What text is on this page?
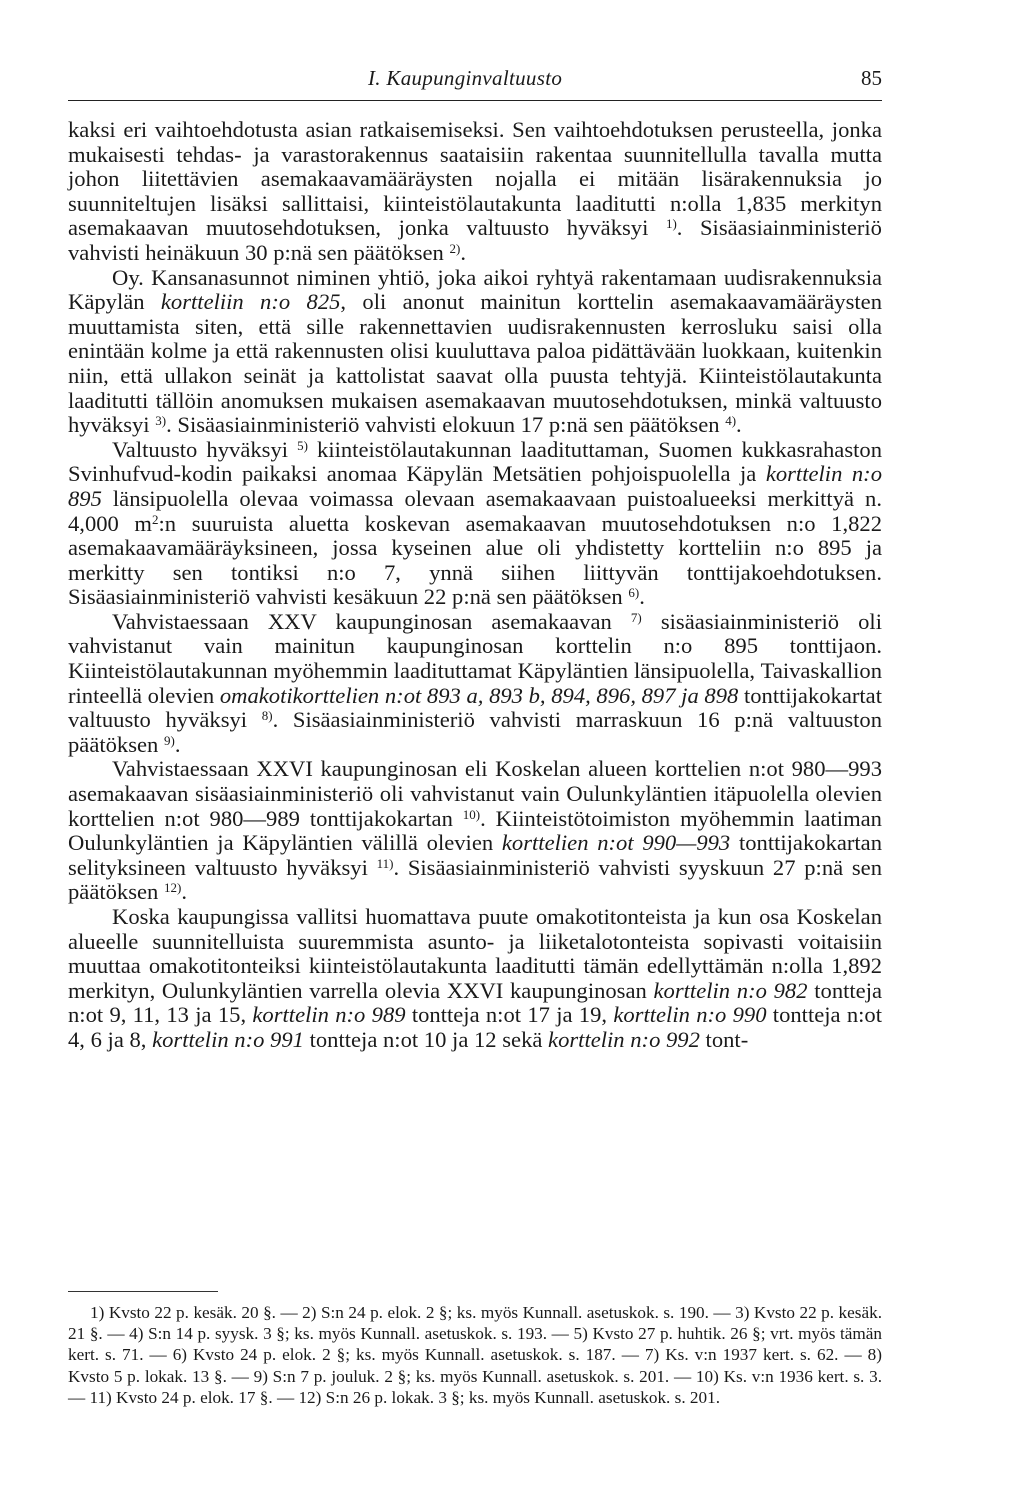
I. Kaupunginvaltuusto	85

kaksi eri vaihtoehdotusta asian ratkaisemiseksi. Sen vaihtoehdotuksen perusteella, jonka mukaisesti tehdas- ja varastorakennus saataisiin rakentaa suunnitellulla tavalla mutta johon liitettävien asemakaavamääräysten nojalla ei mitään lisärakennuksia jo suunniteltujen lisäksi sallittaisi, kiinteistölautakunta laaditutti n:olla 1,835 merkityn asemakaavan muutosehdotuksen, jonka valtuusto hyväksyi $^{1)}$. Sisäasiainministeriö vahvisti heinäkuun 30 p:nä sen päätöksen $^{2)}$.

Oy. Kansanasunnot niminen yhtiö, joka aikoi ryhtyä rakentamaan uudisrakennuksia Käpylän kortteliin n:o 825, oli anonut mainitun korttelin asemakaavamääräysten muuttamista siten, että sille rakennettavien uudisrakennusten kerrosluku saisi olla enintään kolme ja että rakennusten olisi kuuluttava paloa pidättävään luokkaan, kuitenkin niin, että ullakon seinät ja kattolistat saavat olla puusta tehtyjä. Kiinteistölautakunta laaditutti tällöin anomuksen mukaisen asemakaavan muutosehdotuksen, minkä valtuusto hyväksyi $^{3)}$. Sisäasiainministeriö vahvisti elokuun 17 p:nä sen päätöksen $^{4)}$.

Valtuusto hyväksyi $^{5)}$ kiinteistölautakunnan laadituttaman, Suomen kukkasrahaston Svinhufvud-kodin paikaksi anomaa Käpylän Metsätien pohjoispuolella ja korttelin n:o 895 länsipuolella olevaa voimassa olevaan asemakaavaan puistoalueeksi merkittyä n. 4,000 $m^2:n$ suuruista aluetta koskevan asemakaavan muutosehdotuksen n:o 1,822 asemakaavamääräyksineen, jossa kyseinen alue oli yhdistetty kortteliin n:o 895 ja merkitty sen tontiksi n:o 7, ynnä siihen liittyvän tonttijakoehdotuksen. Sisäasiainministeriö vahvisti kesäkuun 22 p:nä sen päätöksen $^{6)}$.

Vahvistaessaan XXV kaupunginosan asemakaavan $^{7)}$ sisäasiainministeriö oli vahvistanut vain mainitun kaupunginosan korttelin n:o 895 tonttijaon. Kiinteistölautakunnan myöhemmin laadituttamat Käpyläntien länsipuolella, Taivaskallion rinteellä olevien omakotikorttelien n:ot 893 a, 893 b, 894, 896, 897 ja 898 tonttijakokartat valtuusto hyväksyi $^{8)}$. Sisäasiainministeriö vahvisti marraskuun 16 p:nä valtuuston päätöksen $^{9)}$.

Vahvistaessaan XXVI kaupunginosan eli Koskelan alueen korttelien n:ot 980—993 asemakaavan sisäasiainministeriö oli vahvistanut vain Oulunkyläntien itäpuolella olevien korttelien n:ot 980—989 tonttijakokartan $^{10)}$. Kiinteistötoimiston myöhemmin laatiman Oulunkyläntien ja Käpyläntien välillä olevien korttelien n:ot 990—993 tonttijakokartan selityksineen valtuusto hyväksyi $^{11)}$. Sisäasiainministeriö vahvisti syyskuun 27 p:nä sen päätöksen $^{12)}$.

Koska kaupungissa vallitsi huomattava puute omakotitonteista ja kun osa Koskelan alueelle suunnitelluista suuremmista asunto- ja liiketalotonteista sopivasti voitaisiin muuttaa omakotitonteiksi kiinteistölautakunta laaditutti tämän edellyttämän n:olla 1,892 merkityn, Oulunkyläntien varrella olevia XXVI kaupunginosan korttelin n:o 982 tontteja n:ot 9, 11, 13 ja 15, korttelin n:o 989 tontteja n:ot 17 ja 19, korttelin n:o 990 tontteja n:ot 4, 6 ja 8, korttelin n:o 991 tontteja n:ot 10 ja 12 sekä korttelin n:o 992 tont-

1) Kvsto 22 p. kesäk. 20 §. — 2) S:n 24 p. elok. 2 §; ks. myös Kunnall. asetuskok. s. 190. — 3) Kvsto 22 p. kesäk. 21 §. — 4) S:n 14 p. syysk. 3 §; ks. myös Kunnall. asetuskok. s. 193. — 5) Kvsto 27 p. huhtik. 26 §; vrt. myös tämän kert. s. 71. — 6) Kvsto 24 p. elok. 2 §; ks. myös Kunnall. asetuskok. s. 187. — 7) Ks. v:n 1937 kert. s. 62. — 8) Kvsto 5 p. lokak. 13 §. — 9) S:n 7 p. jouluk. 2 §; ks. myös Kunnall. asetuskok. s. 201. — 10) Ks. v:n 1936 kert. s. 3. — 11) Kvsto 24 p. elok. 17 §. — 12) S:n 26 p. lokak. 3 §; ks. myös Kunnall. asetuskok. s. 201.
